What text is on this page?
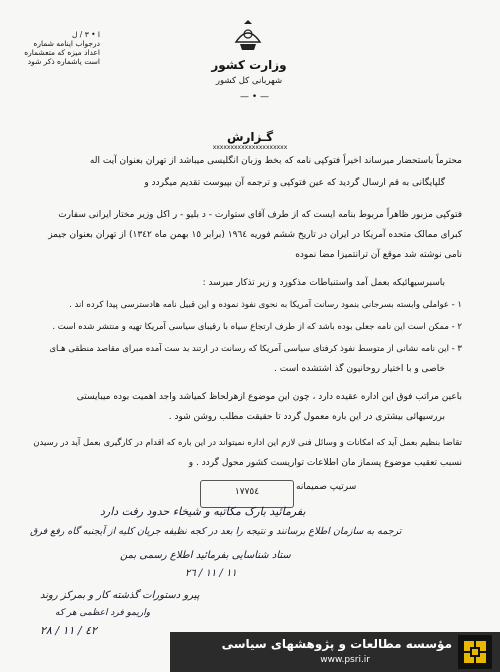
ا • ٣ / ل
درجواب اینامه شماره
اعداد میزه که متعشماره
است یاشماره ذکر شود	وزارت کشور
شهربانی کل کشور
— • —
گـزارش
xxxxxxxxxxxxxxxxxxxxx
محترماً باستحضار میرساند اخیراً فتوکپی نامه که بخط وزبان انگلیسی میباشد از تهران بعنوان آیت اله
گلپایگانی به قم ارسال گردید که عین فتوکپی و ترجمه آن بپیوست تقدیم میگردد و
فتوکپی مزبور ظاهراً مربوط بنامه ایست که از طرف آقای ستوارت - د بلیو - ر اکل وزیر مختار ایرانی سفارت
کبرای ممالک متحده آمریکا در ایران در تاریخ ششم فوریه ١٩٦٤ (برابر ١٥ بهمن ماه ١٣٤٢) از تهران بعنوان جیمز
نامی نوشته شد موقع آن ترانتمیزا مضا نموده
باسبرسیهائیکه بعمل آمد واستنباطات مذکورد و زیر تذکار میرسد :
١ - عواملی وابسته بسرجانی بنمود رسانت آمریکا به نحوی نفوذ نموده و این قبیل نامه هادسترسی پیدا کرده اند .
٢ - ممکن است این نامه جعلی بوده باشد که از طرف ارتجاع سیاه با رقیبای سیاسی آمریکا تهیه و منتشر شده است .
٣ - این نامه نشانی از متوسط نفوذ کرفتای سیاسی آمریکا که رسانت در ارتند بد ست آمده مبرای مقاصد منطقی هـای
خاصی و با اختیار روحانیون گذ اشتشده است .
باعین مراتب فوق این اداره عقیده دارد ، چون این موضوع ازهرلحاظ کمیاشد واجد اهمیت بوده میبایستی
بررسیهائی بیشتری در این باره معمول گردد تا حقیقت مطلب روشن شود .
تقاضا بنظیم بعمل آید که امکانات و وسائل فنی لازم این اداره نمیتواند در این باره که اقدام در کارگیری بعمل آید در رسیدن
نسبب تعقیب موضوع پسماز مان اطلاعات تواریست کشور محول گردد . و
سرتیپ صمیمانه
١٧٧٥٤
بفرمائید بارک مکاتبه و شیخاء حدود رفت دارد
ترجمه به سازمان اطلاع برسانند و نتیجه را بعد در کجه نظیفه جریان کلیه از آیجنبه گاه رفع فرق
ستاد شناسایی بفرمائید اطلاع رسمی بمن
١١ / ١١ / ٢٦
پیرو دستورات گذشته کار و بمرکز روند
واریمو فرد اعظمی هر که
٤٢ / ١١ / ٢٨
مؤسسه مطالعات و پژوهشهای سیاسی
www.psri.ir
